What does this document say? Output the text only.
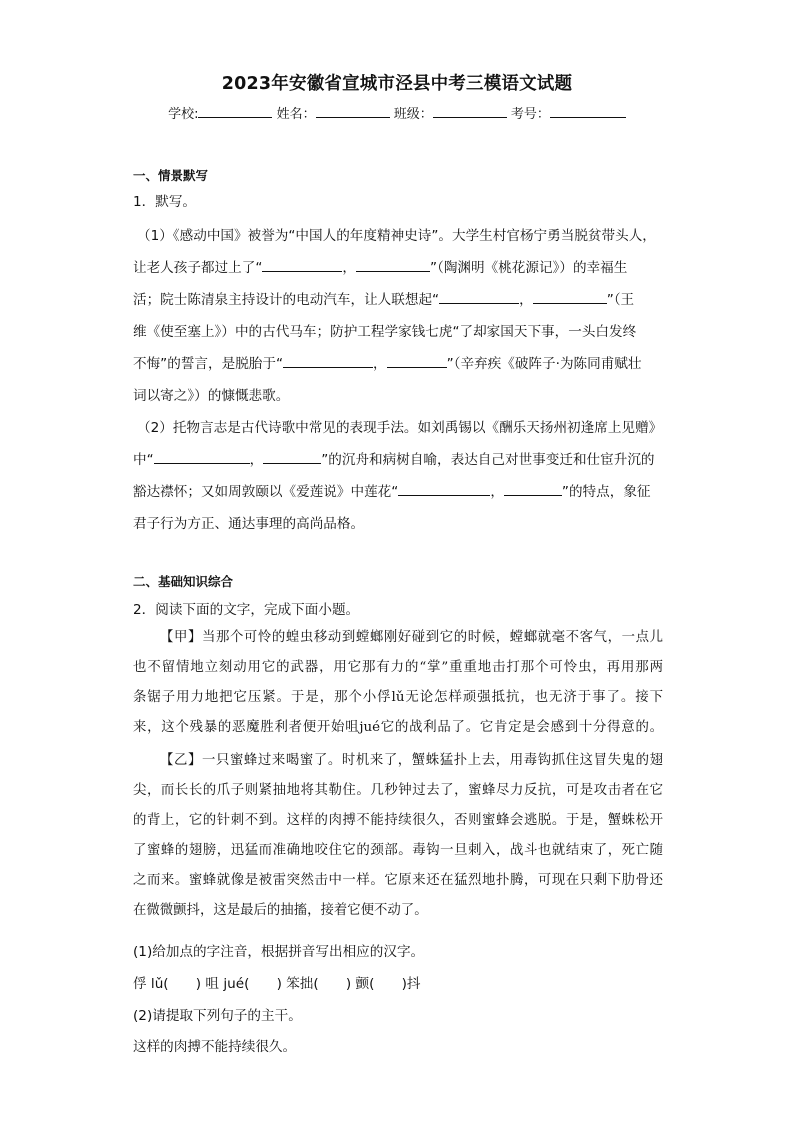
2023年安徽省宣城市泾县中考三模语文试题
学校:	姓名：	班级：	考号：
一、情景默写
1．默写。
（1）《感动中国》被誉为“中国人的年度精神史诗”。大学生村官杨宁勇当脱贫带头人，
让老人孩子都过上了“	，	”（陶渊明《桃花源记》）的幸福生
活；院士陈清泉主持设计的电动汽车，让人联想起“	，	”（王
维《使至塞上》）中的古代马车；防护工程学家钱七虎“了却家国天下事，一头白发终
不悔”的誓言，是脱胎于“	，	”（辛弃疾《破阵子·为陈同甫赋壮
词以寄之》）的慷慨悲歌。
（2）托物言志是古代诗歌中常见的表现手法。如刘禹锡以《酬乐天扬州初逢席上见赠》
中“	，	”的沉舟和病树自喻，表达自己对世事变迁和仕宦升沉的
豁达襟怀；又如周敦颐以《爱莲说》中莲花“	，	”的特点，象征
君子行为方正、通达事理的高尚品格。
二、基础知识综合
2．阅读下面的文字，完成下面小题。
【甲】当那个可怜的蝗虫移动到螳螂刚好碰到它的时候，螳螂就毫不客气，一点儿
也不留情地立刻动用它的武器，用它那有力的“掌”重重地击打那个可怜虫，再用那两
条锯子用力地把它压紧。于是，那个小俘lǔ无论怎样顽强抵抗，也无济于事了。接下
来，这个残暴的恶魔胜利者便开始咀jué它的战利品了。它肯定是会感到十分得意的。
【乙】一只蜜蜂过来喝蜜了。时机来了，蟹蛛猛扑上去，用毒钩抓住这冒失鬼的翅
尖，而长长的爪子则紧抽地将其勒住。几秒钟过去了，蜜蜂尽力反抗，可是攻击者在它
的背上，它的针刺不到。这样的肉搏不能持续很久，否则蜜蜂会逃脱。于是，蟹蛛松开
了蜜蜂的翅膀，迅猛而准确地咬住它的颈部。毒钩一旦刺入，战斗也就结束了，死亡随
之而来。蜜蜂就像是被雷突然击中一样。它原来还在猛烈地扑腾，可现在只剩下肋骨还
在微微颤抖，这是最后的抽搐，接着它便不动了。
(1)给加点的字注音，根据拼音写出相应的汉字。
俘 lǔ(　　) 咀 jué(　　) 笨拙(　　) 颤(　　)抖
(2)请提取下列句子的主干。
这样的肉搏不能持续很久。
